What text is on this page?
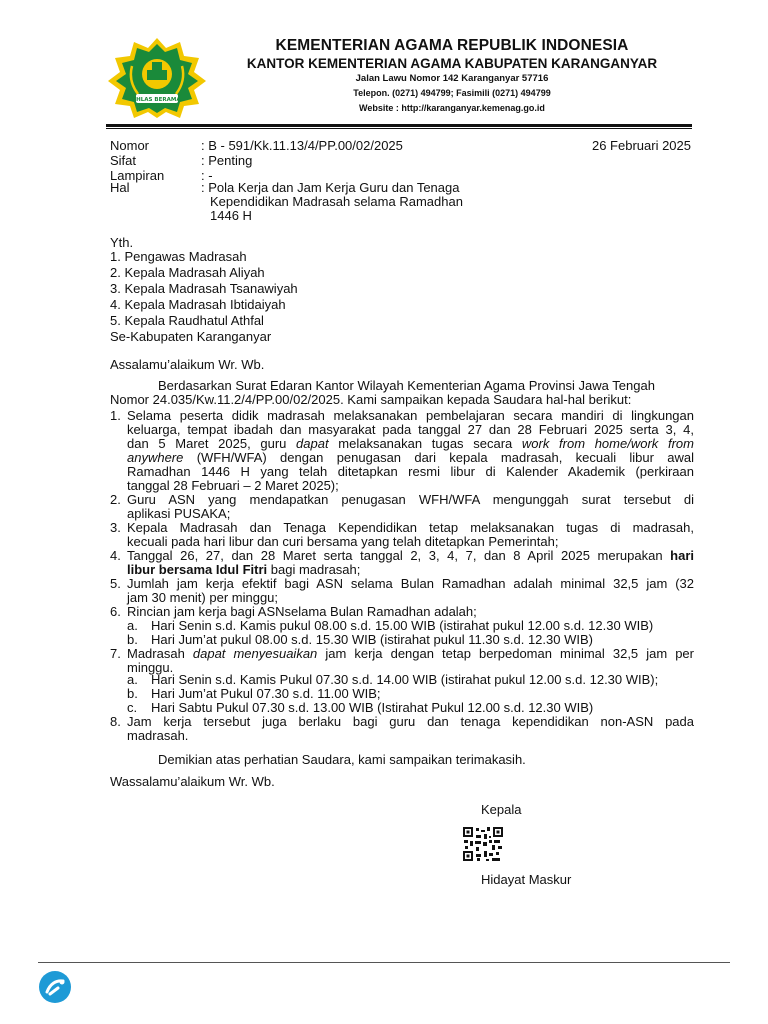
IKHLAS BERAMAL
KEMENTERIAN AGAMA REPUBLIK INDONESIA
KANTOR KEMENTERIAN AGAMA KABUPATEN KARANGANYAR
Jalan Lawu Nomor 142 Karanganyar 57716
Telepon. (0271) 494799; Fasimili (0271) 494799
Website : http://karanganyar.kemenag.go.id
Nomor	: B - 591/Kk.11.13/4/PP.00/02/2025	26 Februari 2025
Sifat	: Penting
Lampiran	: -
Hal	: Pola Kerja dan Jam Kerja Guru dan Tenaga
Kependidikan Madrasah selama Ramadhan
1446 H
Yth.
1. Pengawas Madrasah
2. Kepala Madrasah Aliyah
3. Kepala Madrasah Tsanawiyah
4. Kepala Madrasah Ibtidaiyah
5. Kepala Raudhatul Athfal
Se-Kabupaten Karanganyar
Assalamu’alaikum Wr. Wb.
Berdasarkan Surat Edaran Kantor Wilayah Kementerian Agama Provinsi Jawa Tengah
Nomor 24.035/Kw.11.2/4/PP.00/02/2025. Kami sampaikan kepada Saudara hal-hal berikut:
1. Selama peserta didik madrasah melaksanakan pembelajaran secara mandiri di lingkungan
keluarga, tempat ibadah dan masyarakat pada tanggal 27 dan 28 Februari 2025 serta 3, 4,
dan 5 Maret 2025, guru dapat melaksanakan tugas secara work from home/work from
anywhere (WFH/WFA) dengan penugasan dari kepala madrasah, kecuali libur awal
Ramadhan 1446 H yang telah ditetapkan resmi libur di Kalender Akademik (perkiraan
tanggal 28 Februari – 2 Maret 2025);
2. Guru ASN yang mendapatkan penugasan WFH/WFA mengunggah surat tersebut di
aplikasi PUSAKA;
3. Kepala Madrasah dan Tenaga Kependidikan tetap melaksanakan tugas di madrasah,
kecuali pada hari libur dan curi bersama yang telah ditetapkan Pemerintah;
4. Tanggal 26, 27, dan 28 Maret serta tanggal 2, 3, 4, 7, dan 8 April 2025 merupakan hari
libur bersama Idul Fitri bagi madrasah;
5. Jumlah jam kerja efektif bagi ASN selama Bulan Ramadhan adalah minimal 32,5 jam (32
jam 30 menit) per minggu;
6. Rincian jam kerja bagi ASNselama Bulan Ramadhan adalah;
a. Hari Senin s.d. Kamis pukul 08.00 s.d. 15.00 WIB (istirahat pukul 12.00 s.d. 12.30 WIB)
b. Hari Jum’at pukul 08.00 s.d. 15.30 WIB (istirahat pukul 11.30 s.d. 12.30 WIB)
7. Madrasah dapat menyesuaikan jam kerja dengan tetap berpedoman minimal 32,5 jam per
minggu.
a. Hari Senin s.d. Kamis Pukul 07.30 s.d. 14.00 WIB (istirahat pukul 12.00 s.d. 12.30 WIB);
b. Hari Jum’at Pukul 07.30 s.d. 11.00 WIB;
c. Hari Sabtu Pukul 07.30 s.d. 13.00 WIB (Istirahat Pukul 12.00 s.d. 12.30 WIB)
8. Jam kerja tersebut juga berlaku bagi guru dan tenaga kependidikan non-ASN pada
madrasah.
Demikian atas perhatian Saudara, kami sampaikan terimakasih.
Wassalamu’alaikum Wr. Wb.
Kepala
Hidayat Maskur
